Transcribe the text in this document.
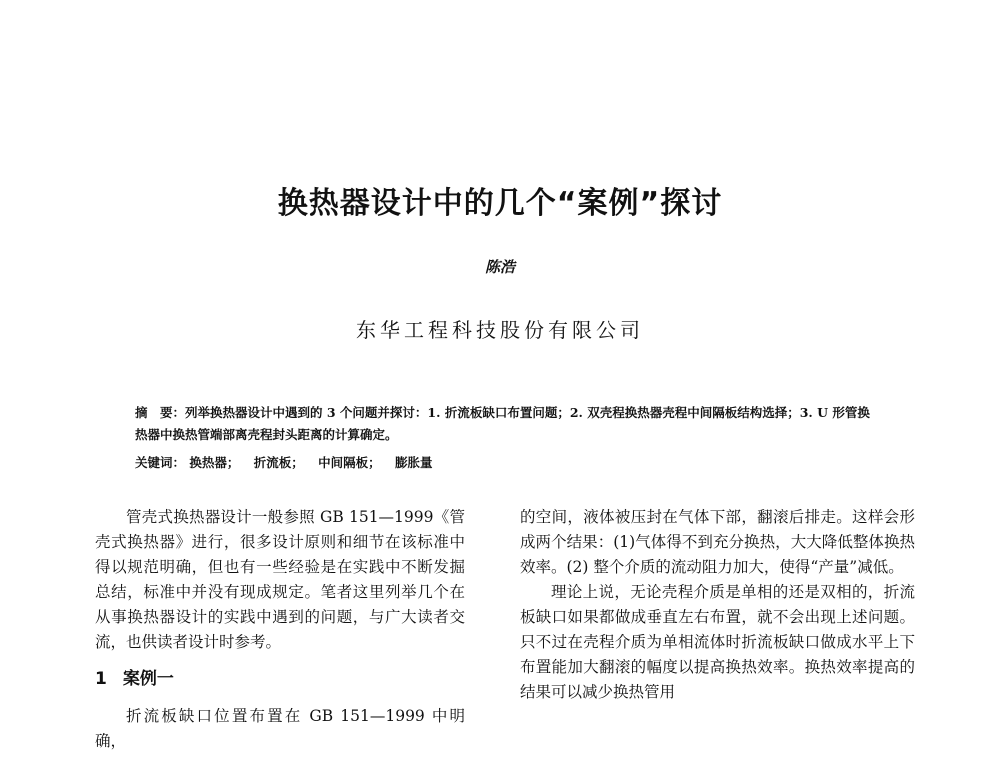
换热器设计中的几个“案例”探讨
陈浩
东华工程科技股份有限公司
摘　要：列举换热器设计中遇到的 3 个问题并探讨：1. 折流板缺口布置问题；2. 双壳程换热器壳程中间隔板结构选择；3. U 形管换热器中换热管端部离壳程封头距离的计算确定。
关键词： 换热器； 折流板； 中间隔板； 膨胀量

管壳式换热器设计一般参照 GB 151—1999《管壳式换热器》进行，很多设计原则和细节在该标准中得以规范明确，但也有一些经验是在实践中不断发掘总结，标准中并没有现成规定。笔者这里列举几个在从事换热器设计的实践中遇到的问题，与广大读者交流，也供读者设计时参考。

1 案例一

折流板缺口位置布置在 GB 151—1999 中明确，

的空间，液体被压封在气体下部，翻滚后排走。这样会形成两个结果：(1)气体得不到充分换热，大大降低整体换热效率。(2) 整个介质的流动阻力加大，使得“产量”减低。

理论上说，无论壳程介质是单相的还是双相的，折流板缺口如果都做成垂直左右布置，就不会出现上述问题。只不过在壳程介质为单相流体时折流板缺口做成水平上下布置能加大翻滚的幅度以提高换热效率。换热效率提高的结果可以减少换热管用
